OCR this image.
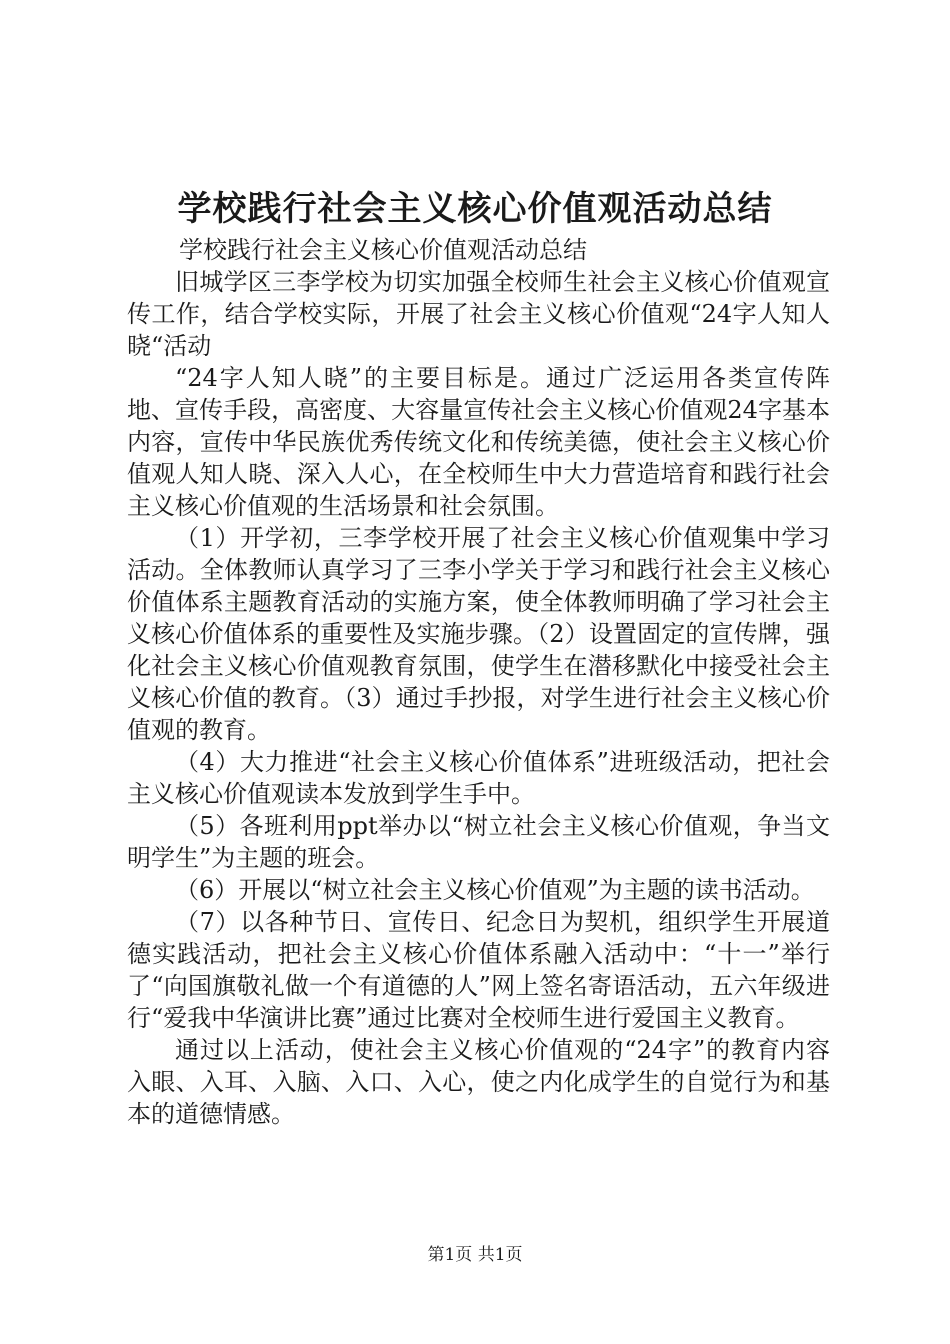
学校践行社会主义核心价值观活动总结

学校践行社会主义核心价值观活动总结

旧城学区三李学校为切实加强全校师生社会主义核心价值观宣传工作，结合学校实际，开展了社会主义核心价值观“24字人知人晓“活动

“24字人知人晓”的主要目标是。通过广泛运用各类宣传阵地、宣传手段，高密度、大容量宣传社会主义核心价值观24字基本内容，宣传中华民族优秀传统文化和传统美德，使社会主义核心价值观人知人晓、深入人心，在全校师生中大力营造培育和践行社会主义核心价值观的生活场景和社会氛围。

（1）开学初，三李学校开展了社会主义核心价值观集中学习活动。全体教师认真学习了三李小学关于学习和践行社会主义核心价值体系主题教育活动的实施方案，使全体教师明确了学习社会主义核心价值体系的重要性及实施步骤。（2）设置固定的宣传牌，强化社会主义核心价值观教育氛围，使学生在潜移默化中接受社会主义核心价值的教育。（3）通过手抄报，对学生进行社会主义核心价值观的教育。

（4）大力推进“社会主义核心价值体系”进班级活动，把社会主义核心价值观读本发放到学生手中。

（5）各班利用ppt举办以“树立社会主义核心价值观，争当文明学生”为主题的班会。

（6）开展以“树立社会主义核心价值观”为主题的读书活动。

（7）以各种节日、宣传日、纪念日为契机，组织学生开展道德实践活动，把社会主义核心价值体系融入活动中：“十一”举行了“向国旗敬礼做一个有道德的人”网上签名寄语活动，五六年级进行“爱我中华演讲比赛”通过比赛对全校师生进行爱国主义教育。

通过以上活动，使社会主义核心价值观的“24字”的教育内容入眼、入耳、入脑、入口、入心，使之内化成学生的自觉行为和基本的道德情感。

第1页 共1页
